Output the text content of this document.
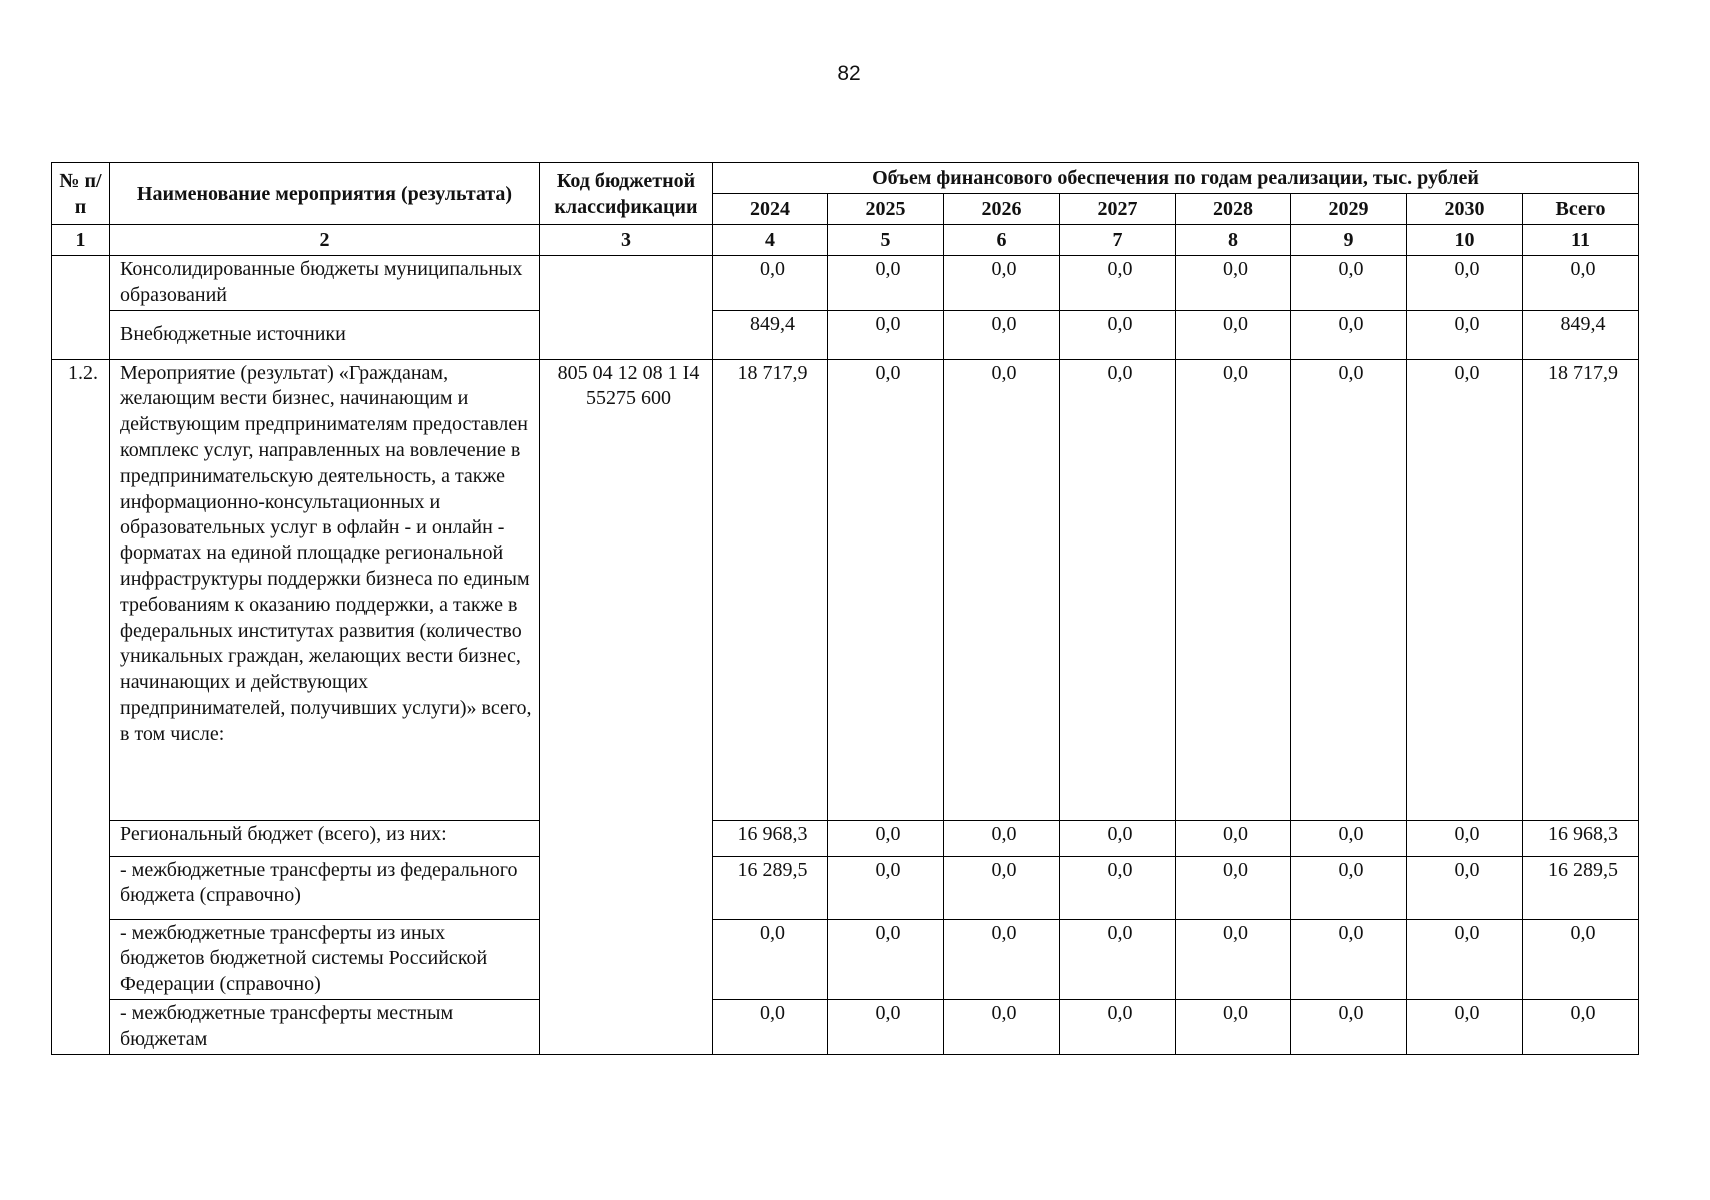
82
№ п/п	Наименование мероприятия (результата)	Код бюджетной классификации	Объем финансового обеспечения по годам реализации, тыс. рублей							
			2024	2025	2026	2027	2028	2029	2030	Всего
1	2	3	4	5	6	7	8	9	10	11
	Консолидированные бюджеты муниципальных образований		0,0	0,0	0,0	0,0	0,0	0,0	0,0	0,0
	Внебюджетные источники		849,4	0,0	0,0	0,0	0,0	0,0	0,0	849,4
1.2.	Мероприятие (результат) «Гражданам, желающим вести бизнес, начинающим и действующим предпринимателям предоставлен комплекс услуг, направленных на вовлечение в предпринимательскую деятельность, а также информационно-консультационных и образовательных услуг в офлайн - и онлайн - форматах на единой площадке региональной инфраструктуры поддержки бизнеса по единым требованиям к оказанию поддержки, а также в федеральных институтах развития (количество уникальных граждан, желающих вести бизнес, начинающих и действующих предпринимателей, получивших услуги)» всего, в том числе:	805 04 12 08 1 I4 55275 600	18 717,9	0,0	0,0	0,0	0,0	0,0	0,0	18 717,9
	Региональный бюджет (всего), из них:		16 968,3	0,0	0,0	0,0	0,0	0,0	0,0	16 968,3
	- межбюджетные трансферты из федерального бюджета (справочно)		16 289,5	0,0	0,0	0,0	0,0	0,0	0,0	16 289,5
	- межбюджетные трансферты из иных бюджетов бюджетной системы Российской Федерации (справочно)		0,0	0,0	0,0	0,0	0,0	0,0	0,0	0,0
	- межбюджетные трансферты местным бюджетам		0,0	0,0	0,0	0,0	0,0	0,0	0,0	0,0
